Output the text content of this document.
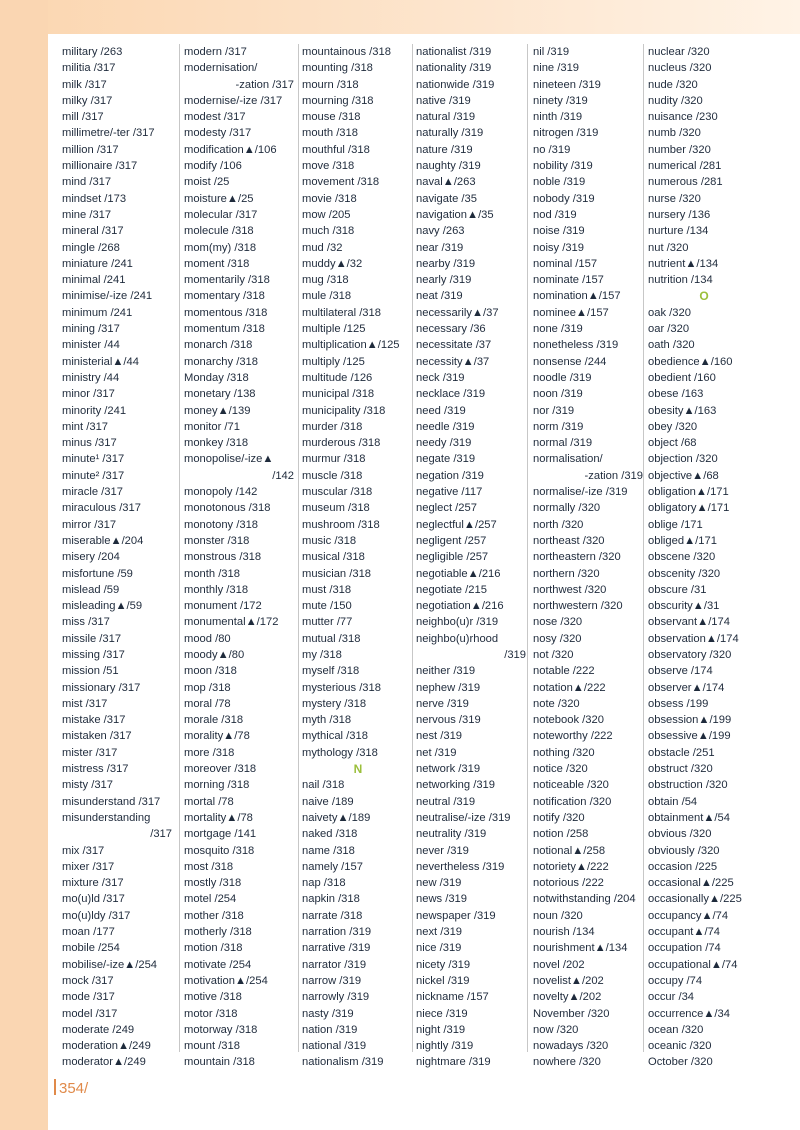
military /263
militia /317
milk /317
milky /317
mill /317
millimetre/-ter /317
million /317
millionaire /317
mind /317
mindset /173
mine /317
mineral /317
mingle /268
miniature /241
minimal /241
minimise/-ize /241
minimum /241
mining /317
minister /44
ministerial▲/44
ministry /44
minor /317
minority /241
mint /317
minus /317
minute¹ /317
minute² /317
miracle /317
miraculous /317
mirror /317
miserable▲/204
misery /204
misfortune /59
mislead /59
misleading▲/59
miss /317
missile /317
missing /317
mission /51
missionary /317
mist /317
mistake /317
mistaken /317
mister /317
mistress /317
misty /317
misunderstand /317
misunderstanding
/317
mix /317
mixer /317
mixture /317
mo(u)ld /317
mo(u)ldy /317
moan /177
mobile /254
mobilise/-ize▲/254
mock /317
mode /317
model /317
moderate /249
moderation▲/249
moderator▲/249
modern /317
modernisation/
-zation /317
modernise/-ize /317
modest /317
modesty /317
modification▲/106
modify /106
moist /25
moisture▲/25
molecular /317
molecule /318
mom(my) /318
moment /318
momentarily /318
momentary /318
momentous /318
momentum /318
monarch /318
monarchy /318
Monday /318
monetary /138
money▲/139
monitor /71
monkey /318
monopolise/-ize▲
/142
monopoly /142
monotonous /318
monotony /318
monster /318
monstrous /318
month /318
monthly /318
monument /172
monumental▲/172
mood /80
moody▲/80
moon /318
mop /318
moral /78
morale /318
morality▲/78
more /318
moreover /318
morning /318
mortal /78
mortality▲/78
mortgage /141
mosquito /318
most /318
mostly /318
motel /254
mother /318
motherly /318
motion /318
motivate /254
motivation▲/254
motive /318
motor /318
motorway /318
mount /318
mountain /318
mountainous /318
mounting /318
mourn /318
mourning /318
mouse /318
mouth /318
mouthful /318
move /318
movement /318
movie /318
mow /205
much /318
mud /32
muddy▲/32
mug /318
mule /318
multilateral /318
multiple /125
multiplication▲/125
multiply /125
multitude /126
municipal /318
municipality /318
murder /318
murderous /318
murmur /318
muscle /318
muscular /318
museum /318
mushroom /318
music /318
musical /318
musician /318
must /318
mute /150
mutter /77
mutual /318
my /318
myself /318
mysterious /318
mystery /318
myth /318
mythical /318
mythology /318
N
nail /318
naive /189
naivety▲/189
naked /318
name /318
namely /157
nap /318
napkin /318
narrate /318
narration /319
narrative /319
narrator /319
narrow /319
narrowly /319
nasty /319
nation /319
national /319
nationalism /319
nationalist /319
nationality /319
nationwide /319
native /319
natural /319
naturally /319
nature /319
naughty /319
naval▲/263
navigate /35
navigation▲/35
navy /263
near /319
nearby /319
nearly /319
neat /319
necessarily▲/37
necessary /36
necessitate /37
necessity▲/37
neck /319
necklace /319
need /319
needle /319
needy /319
negate /319
negation /319
negative /117
neglect /257
neglectful▲/257
negligent /257
negligible /257
negotiable▲/216
negotiate /215
negotiation▲/216
neighbo(u)r /319
neighbo(u)rhood
/319
neither /319
nephew /319
nerve /319
nervous /319
nest /319
net /319
network /319
networking /319
neutral /319
neutralise/-ize /319
neutrality /319
never /319
nevertheless /319
new /319
news /319
newspaper /319
next /319
nice /319
nicety /319
nickel /319
nickname /157
niece /319
night /319
nightly /319
nightmare /319
nil /319
nine /319
nineteen /319
ninety /319
ninth /319
nitrogen /319
no /319
nobility /319
noble /319
nobody /319
nod /319
noise /319
noisy /319
nominal /157
nominate /157
nomination▲/157
nominee▲/157
none /319
nonetheless /319
nonsense /244
noodle /319
noon /319
nor /319
norm /319
normal /319
normalisation/
-zation /319
normalise/-ize /319
normally /320
north /320
northeast /320
northeastern /320
northern /320
northwest /320
northwestern /320
nose /320
nosy /320
not /320
notable /222
notation▲/222
note /320
notebook /320
noteworthy /222
nothing /320
notice /320
noticeable /320
notification /320
notify /320
notion /258
notional▲/258
notoriety▲/222
notorious /222
notwithstanding /204
noun /320
nourish /134
nourishment▲/134
novel /202
novelist▲/202
novelty▲/202
November /320
now /320
nowadays /320
nowhere /320
nuclear /320
nucleus /320
nude /320
nudity /320
nuisance /230
numb /320
number /320
numerical /281
numerous /281
nurse /320
nursery /136
nurture /134
nut /320
nutrient▲/134
nutrition /134
O
oak /320
oar /320
oath /320
obedience▲/160
obedient /160
obese /163
obesity▲/163
obey /320
object /68
objection /320
objective▲/68
obligation▲/171
obligatory▲/171
oblige /171
obliged▲/171
obscene /320
obscenity /320
obscure /31
obscurity▲/31
observant▲/174
observation▲/174
observatory /320
observe /174
observer▲/174
obsess /199
obsession▲/199
obsessive▲/199
obstacle /251
obstruct /320
obstruction /320
obtain /54
obtainment▲/54
obvious /320
obviously /320
occasion /225
occasional▲/225
occasionally▲/225
occupancy▲/74
occupant▲/74
occupation /74
occupational▲/74
occupy /74
occur /34
occurrence▲/34
ocean /320
oceanic /320
October /320
354/
